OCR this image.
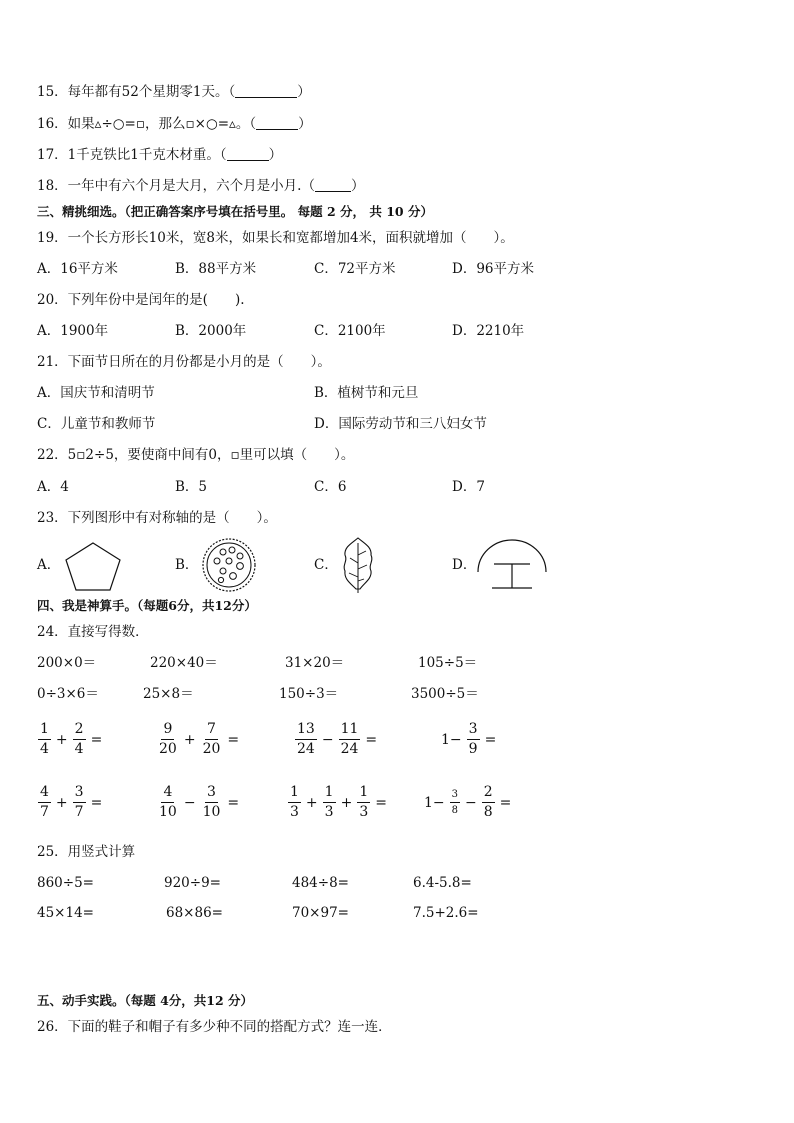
15．每年都有52个星期零1天。（	）
16．如果▵÷○=▫，那么▫×○=▵。（	）
17．1千克铁比1千克木材重。（	）
18．一年中有六个月是大月，六个月是小月.（	）
三、精挑细选。（把正确答案序号填在括号里。 每题 2 分， 共 10 分）
19．一个长方形长10米，宽8米，如果长和宽都增加4米，面积就增加（　　）。
A．16平方米	B．88平方米	C．72平方米	D．96平方米
20．下列年份中是闰年的是(　　).
A．1900年	B．2000年	C．2100年	D．2210年
21．下面节日所在的月份都是小月的是（　　）。
A．国庆节和清明节	B．植树节和元旦
C．儿童节和教师节	D．国际劳动节和三八妇女节
22．5▫2÷5，要使商中间有0，▫里可以填（　　）。
A．4	B．5	C．6	D．7
23．下列图形中有对称轴的是（　　）。
A．	B．	C．	D．
四、我是神算手。（每题6分，共12分）
24．直接写得数．
200×0＝	220×40＝	31×20＝	105÷5＝
0÷3×6＝	25×8＝	150÷3＝	3500÷5＝
$\frac{1}{4} + \frac{2}{4}$ =	$\frac{9}{20} + \frac{7}{20}$ =	$\frac{13}{24} - \frac{11}{24}$ =	$1- \frac{3}{9}$ =
$\frac{4}{7} + \frac{3}{7}$ =	$\frac{4}{10} - \frac{3}{10}$ =	$\frac{1}{3} + \frac{1}{3} + \frac{1}{3}$ =	$1- \frac{3}{8} - \frac{2}{8}$ =
25．用竖式计算
860÷5=	920÷9=	484÷8=	6.4-5.8=
45×14=	68×86=	70×97=	7.5+2.6=
五、动手实践。（每题 4分，共12 分）
26．下面的鞋子和帽子有多少种不同的搭配方式？连一连．
